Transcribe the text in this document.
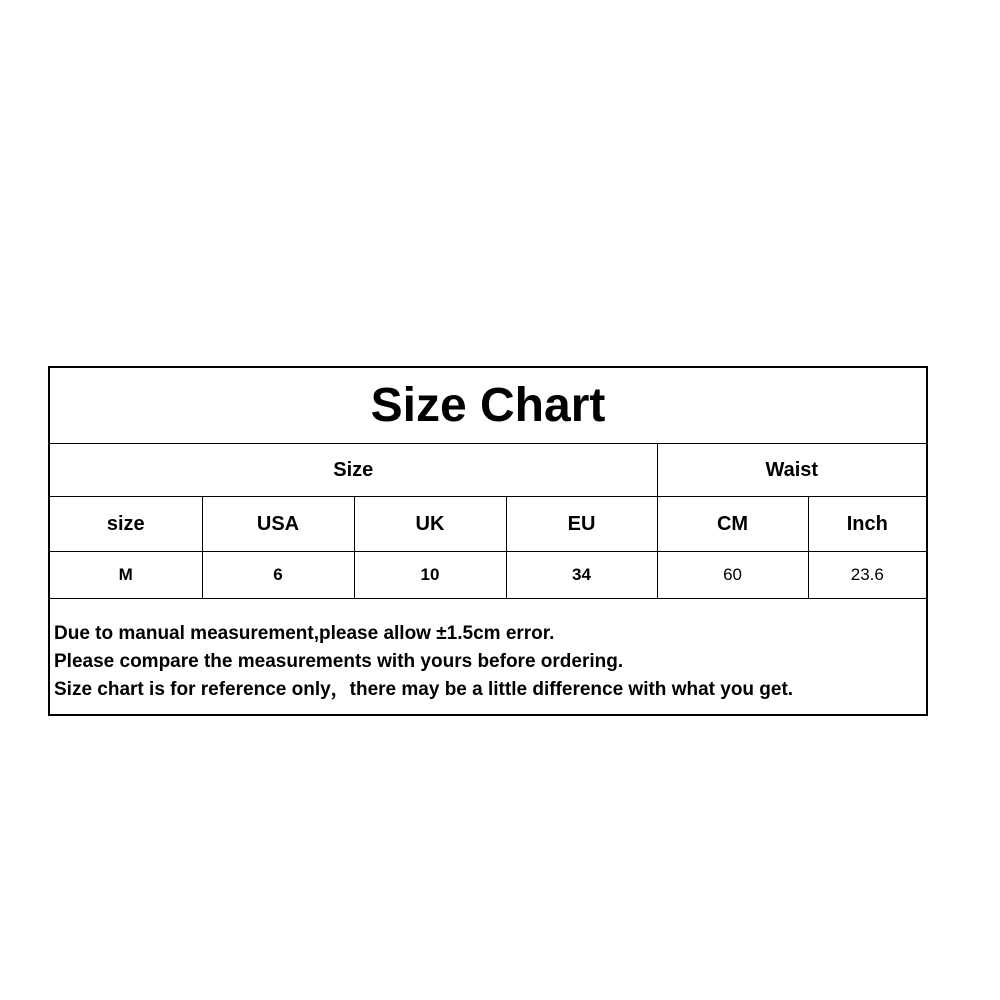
Size Chart
Size				Waist	
size	USA	UK	EU	CM	Inch
M	6	10	34	60	23.6
Due to manual measurement,please allow ±1.5cm error.
Please compare the measurements with yours before ordering.
Size chart is for reference only，there may be a little difference with what you get.
